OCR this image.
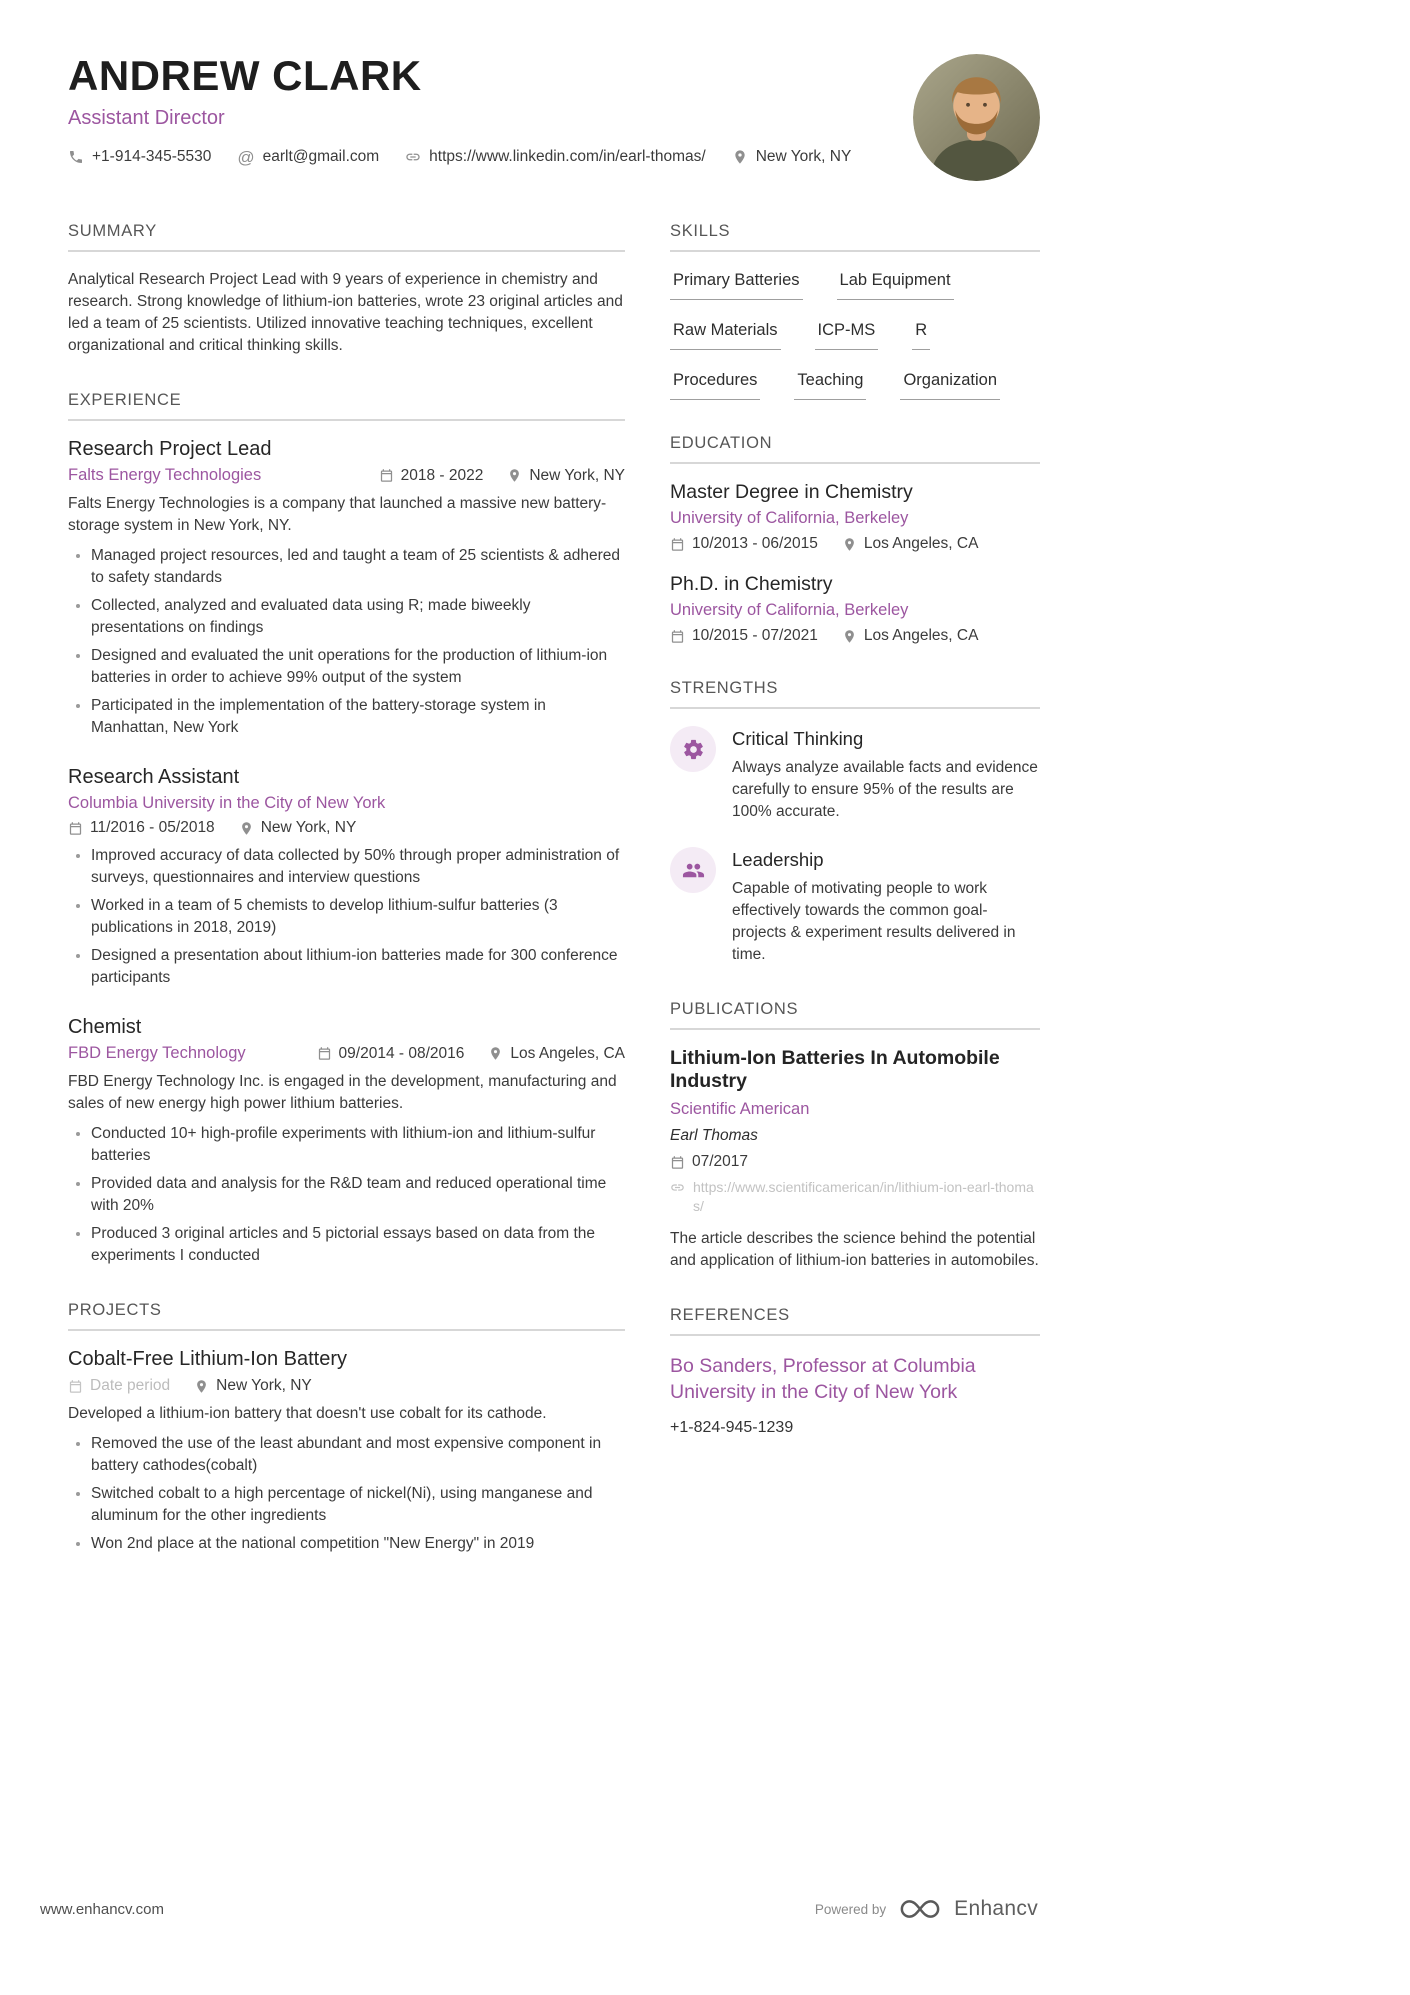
ANDREW CLARK
Assistant Director
+1-914-345-5530 @ earlt@gmail.com	https://www.linkedin.com/in/earl-thomas/	New York, NY
SUMMARY

Analytical Research Project Lead with 9 years of experience in chemistry and research. Strong knowledge of lithium-ion batteries, wrote 23 original articles and led a team of 25 scientists. Utilized innovative teaching techniques, excellent organizational and critical thinking skills.

EXPERIENCE
Research Project Lead
Falts Energy Technologies	2018 - 2022	New York, NY

Falts Energy Technologies is a company that launched a massive new battery-storage system in New York, NY.

Managed project resources, led and taught a team of 25 scientists & adhered to safety standards
Collected, analyzed and evaluated data using R; made biweekly presentations on findings
Designed and evaluated the unit operations for the production of lithium-ion batteries in order to achieve 99% output of the system
Participated in the implementation of the battery-storage system in Manhattan, New York
Research Assistant
Columbia University in the City of New York
11/2016 - 05/2018	New York, NY
Improved accuracy of data collected by 50% through proper administration of surveys, questionnaires and interview questions
Worked in a team of 5 chemists to develop lithium-sulfur batteries (3 publications in 2018, 2019)
Designed a presentation about lithium-ion batteries made for 300 conference participants
Chemist
FBD Energy Technology	09/2014 - 08/2016	Los Angeles, CA

FBD Energy Technology Inc. is engaged in the development, manufacturing and sales of new energy high power lithium batteries.

Conducted 10+ high-profile experiments with lithium-ion and lithium-sulfur batteries
Provided data and analysis for the R&D team and reduced operational time with 20%
Produced 3 original articles and 5 pictorial essays based on data from the experiments I conducted
PROJECTS
Cobalt-Free Lithium-Ion Battery
Date period	New York, NY

Developed a lithium-ion battery that doesn't use cobalt for its cathode.

Removed the use of the least abundant and most expensive component in battery cathodes(cobalt)
Switched cobalt to a high percentage of nickel(Ni), using manganese and aluminum for the other ingredients
Won 2nd place at the national competition "New Energy" in 2019
SKILLS
Primary Batteries Lab Equipment
Raw Materials ICP-MS R
Procedures Teaching Organization
EDUCATION
Master Degree in Chemistry
University of California, Berkeley
10/2013 - 06/2015	Los Angeles, CA
Ph.D. in Chemistry
University of California, Berkeley
10/2015 - 07/2021	Los Angeles, CA
STRENGTHS
Critical Thinking

Always analyze available facts and evidence carefully to ensure 95% of the results are 100% accurate.

Leadership

Capable of motivating people to work effectively towards the common goal-projects & experiment results delivered in time.

PUBLICATIONS
Lithium-Ion Batteries In Automobile Industry
Scientific American
Earl Thomas
07/2017
https://www.scientificamerican/in/lithium-ion-earl-thomas/

The article describes the science behind the potential and application of lithium-ion batteries in automobiles.

REFERENCES
Bo Sanders, Professor at Columbia University in the City of New York
+1-824-945-1239
www.enhancv.com	Powered by	Enhancv
